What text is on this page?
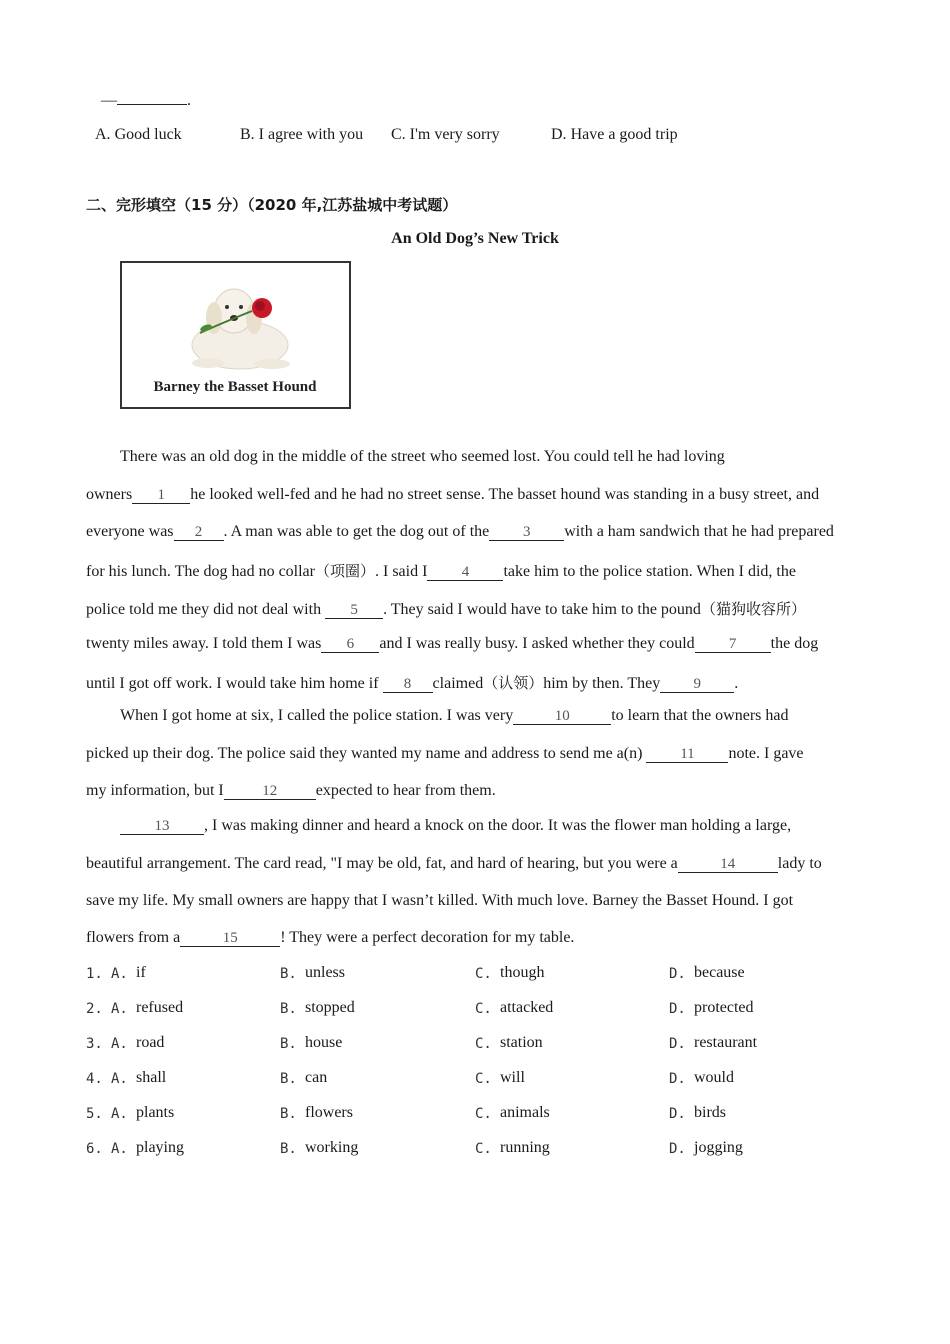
—	.
A. Good luck	B. I agree with you C. I'm very sorry	D. Have a good trip
二、完形填空（15 分）（2020 年,江苏盐城中考试题）
An Old Dog’s New Trick
Barney the Basset Hound
There was an old dog in the middle of the street who seemed lost. You could tell he had loving
owners 1 he looked well-fed and he had no street sense. The basset hound was standing in a busy street, and
everyone was 2 . A man was able to get the dog out of the 3 with a ham sandwich that he had prepared
for his lunch. The dog had no collar（项圈）. I said I 4 take him to the police station. When I did, the
police told me they did not deal with 5 . They said I would have to take him to the pound（猫狗收容所）
twenty miles away. I told them I was 6 and I was really busy. I asked whether they could 7 the dog
until I got off work. I would take him home if 8 claimed（认领）him by then. They 9 .
When I got home at six, I called the police station. I was very	10	to learn that the owners had
picked up their dog. The police said they wanted my name and address to send me a(n)	11 note. I gave
my information, but I	12 expected to hear from them.
13 , I was making dinner and heard a knock on the door. It was the flower man holding a large,
beautiful arrangement. The card read, "I may be old, fat, and hard of hearing, but you were a	14	lady to
save my life. My small owners are happy that I wasn’t killed. With much love. Barney the Basset Hound. I got
flowers from a	15	! They were a perfect decoration for my table.
1. A. if	B. unless	C. though	D. because
2. A. refused	B. stopped	C. attacked	D. protected
3. A. road	B. house	C. station	D. restaurant
4. A. shall	B. can	C. will	D. would
5. A. plants	B. flowers	C. animals	D. birds
6. A. playing	B. working	C. running	D. jogging
